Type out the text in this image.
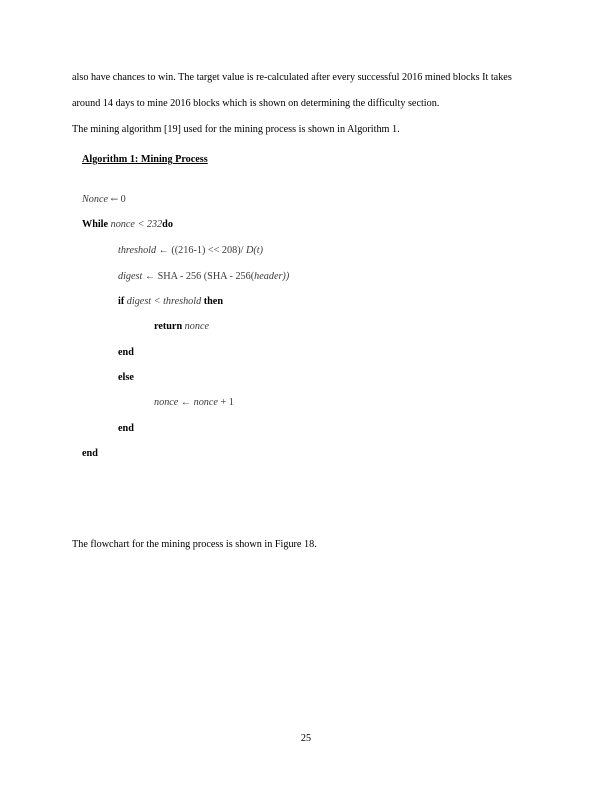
also have chances to win. The target value is re-calculated after every successful 2016 mined blocks It takes
around 14 days to mine 2016 blocks which is shown on determining the difficulty section.
The mining algorithm [19] used for the mining process is shown in Algorithm 1.
Algorithm 1: Mining Process
Nonce ← 0
While nonce < 232do
threshold ← ((216-1) << 208)/ D(t)
digest ← SHA - 256 (SHA - 256(header))
if digest < threshold then
return nonce
end
else
nonce ← nonce + 1
end
end
The flowchart for the mining process is shown in Figure 18.
25
